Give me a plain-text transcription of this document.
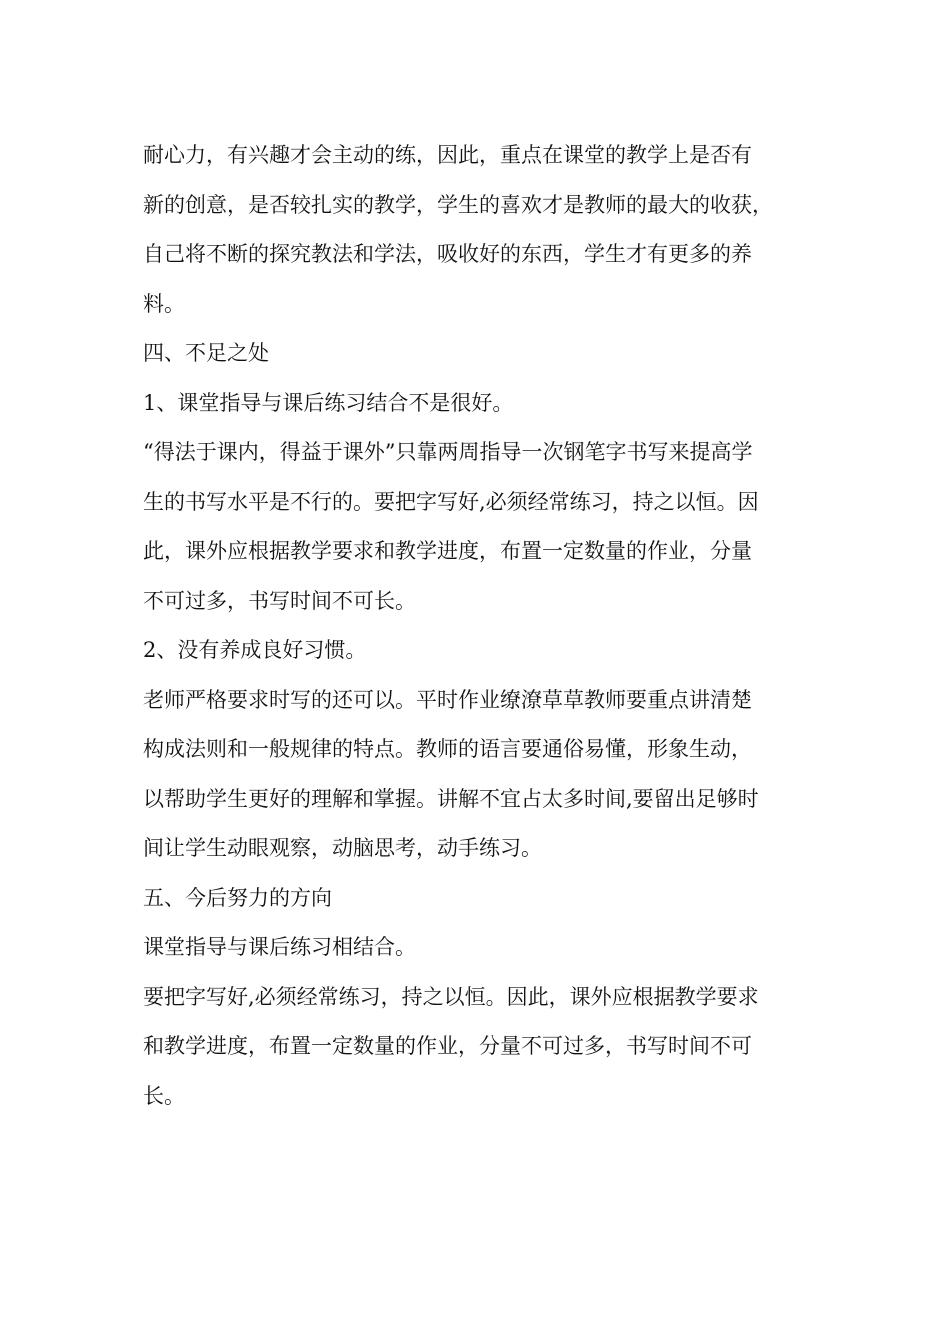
耐心力，有兴趣才会主动的练，因此，重点在课堂的教学上是否有
新的创意，是否较扎实的教学，学生的喜欢才是教师的最大的收获，
自己将不断的探究教法和学法，吸收好的东西，学生才有更多的养
料。
四、不足之处
1、课堂指导与课后练习结合不是很好。
“得法于课内，得益于课外”只靠两周指导一次钢笔字书写来提高学
生的书写水平是不行的。要把字写好,必须经常练习，持之以恒。因
此，课外应根据教学要求和教学进度，布置一定数量的作业，分量
不可过多，书写时间不可长。
2、没有养成良好习惯。
老师严格要求时写的还可以。平时作业缭潦草草教师要重点讲清楚
构成法则和一般规律的特点。教师的语言要通俗易懂，形象生动，
以帮助学生更好的理解和掌握。讲解不宜占太多时间,要留出足够时
间让学生动眼观察，动脑思考，动手练习。
五、今后努力的方向
课堂指导与课后练习相结合。
要把字写好,必须经常练习，持之以恒。因此，课外应根据教学要求
和教学进度，布置一定数量的作业，分量不可过多，书写时间不可
长。
